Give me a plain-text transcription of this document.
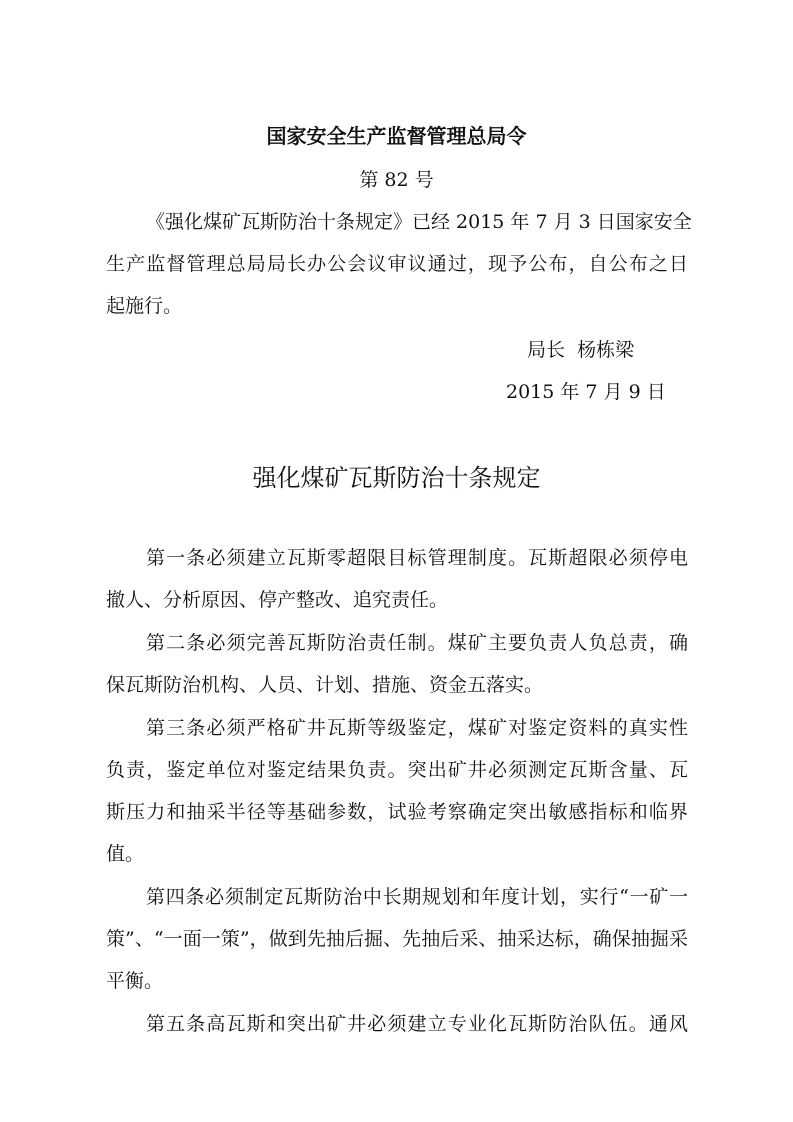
国家安全生产监督管理总局令
第 82 号
《强化煤矿瓦斯防治十条规定》已经 2015 年 7 月 3 日国家安全
生产监督管理总局局长办公会议审议通过，现予公布，自公布之日
起施行。
局长  杨栋梁
2015 年 7 月 9 日
强化煤矿瓦斯防治十条规定
第一条必须建立瓦斯零超限目标管理制度。瓦斯超限必须停电
撤人、分析原因、停产整改、追究责任。
第二条必须完善瓦斯防治责任制。煤矿主要负责人负总责，确
保瓦斯防治机构、人员、计划、措施、资金五落实。
第三条必须严格矿井瓦斯等级鉴定，煤矿对鉴定资料的真实性
负责，鉴定单位对鉴定结果负责。突出矿井必须测定瓦斯含量、瓦
斯压力和抽采半径等基础参数，试验考察确定突出敏感指标和临界
值。
第四条必须制定瓦斯防治中长期规划和年度计划，实行“一矿一
策”、“一面一策”，做到先抽后掘、先抽后采、抽采达标，确保抽掘采
平衡。
第五条高瓦斯和突出矿井必须建立专业化瓦斯防治队伍。通风
